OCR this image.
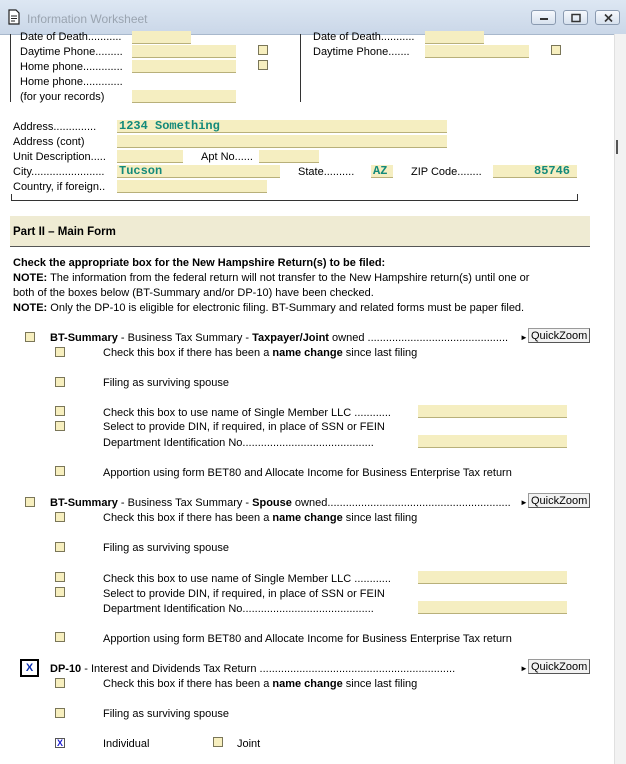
Information Worksheet
Date of Death...........
Daytime Phone.........
Home phone.............
Home phone.............
(for your records)
Date of Death...........
Daytime Phone.......
Address.............. 1234 Something
Address (cont)
Unit Description.....	Apt No......
City........................ Tucson	State.......... AZ ZIP Code........	85746
Country, if foreign..
Part II – Main Form
Check the appropriate box for the New Hampshire Return(s) to be filed:
NOTE: The information from the federal return will not transfer to the New Hampshire return(s) until one or
both of the boxes below (BT-Summary and/or DP-10) have been checked.
NOTE: Only the DP-10 is eligible for electronic filing. BT-Summary and related forms must be paper filed.
BT-Summary - Business Tax Summary - Taxpayer/Joint owned .............................................. ► QuickZoom
Check this box if there has been a name change since last filing
Filing as surviving spouse
Check this box to use name of Single Member LLC ............
Select to provide DIN, if required, in place of SSN or FEIN
Department Identification No...........................................
Apportion using form BET80 and Allocate Income for Business Enterprise Tax return
BT-Summary - Business Tax Summary - Spouse owned............................................................ ► QuickZoom
Check this box if there has been a name change since last filing
Filing as surviving spouse
Check this box to use name of Single Member LLC ............
Select to provide DIN, if required, in place of SSN or FEIN
Department Identification No...........................................
Apportion using form BET80 and Allocate Income for Business Enterprise Tax return
X	DP-10 - Interest and Dividends Tax Return ................................................................	► QuickZoom
Check this box if there has been a name change since last filing
Filing as surviving spouse
X	Individual	Joint
